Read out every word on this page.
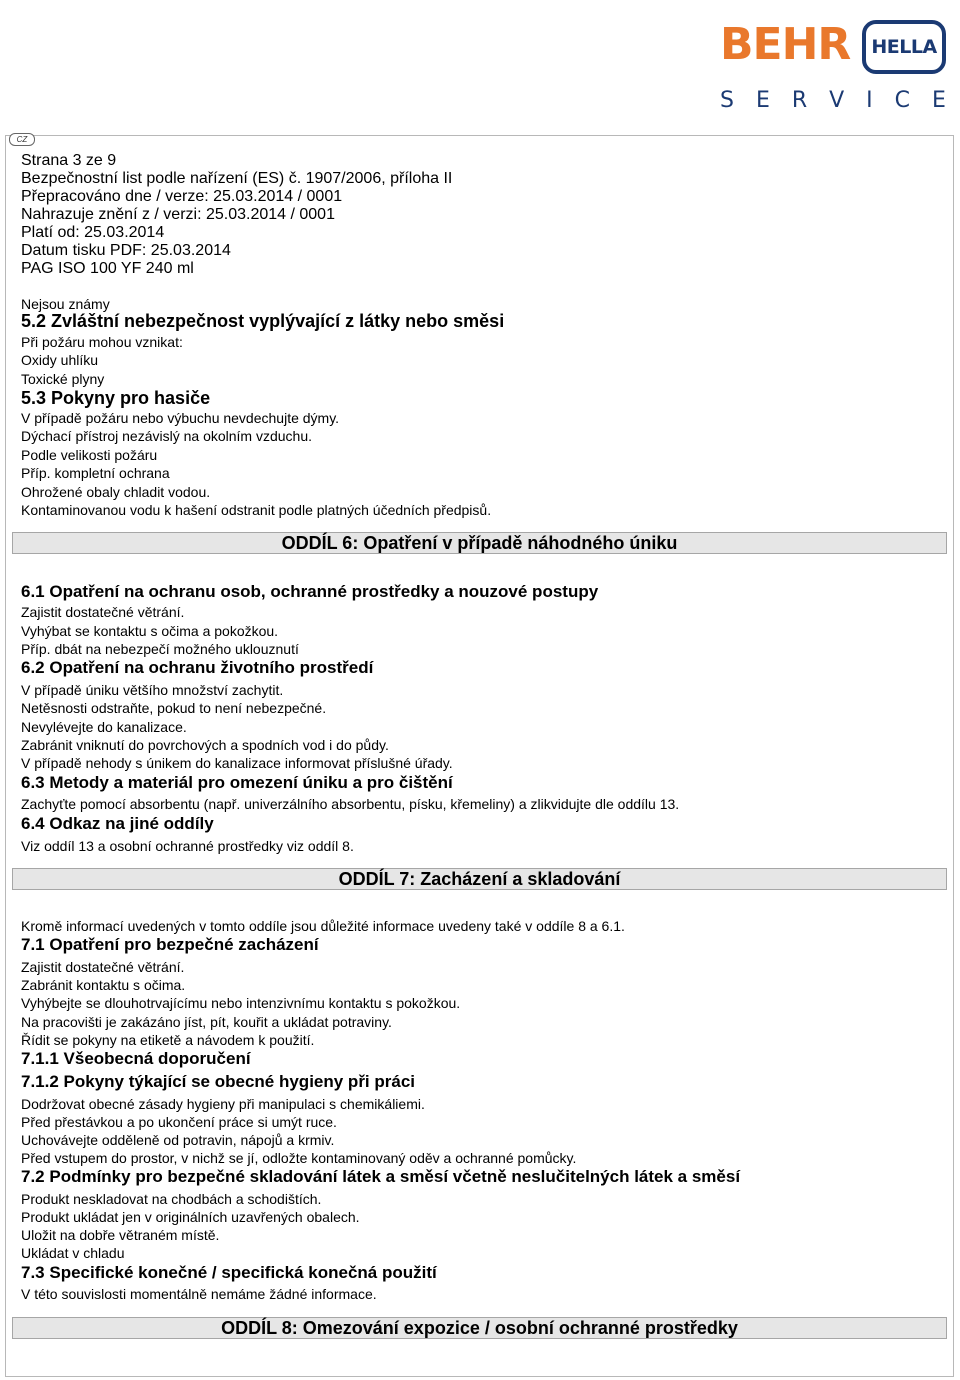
BEHR	HELLA
S E R V I C E
CZ
Strana 3 ze 9
Bezpečnostní list podle nařízení (ES) č. 1907/2006, příloha II
Přepracováno dne / verze: 25.03.2014 / 0001
Nahrazuje znění z / verzi: 25.03.2014 / 0001
Platí od: 25.03.2014
Datum tisku PDF: 25.03.2014
PAG ISO 100 YF 240 ml
Nejsou známy
5.2 Zvláštní nebezpečnost vyplývající z látky nebo směsi
Při požáru mohou vznikat:
Oxidy uhlíku
Toxické plyny
5.3 Pokyny pro hasiče
V případě požáru nebo výbuchu nevdechujte dýmy.
Dýchací přístroj nezávislý na okolním vzduchu.
Podle velikosti požáru
Příp. kompletní ochrana
Ohrožené obaly chladit vodou.
Kontaminovanou vodu k hašení odstranit podle platných účedních předpisů.
ODDÍL 6: Opatření v případě náhodného úniku
6.1 Opatření na ochranu osob, ochranné prostředky a nouzové postupy
Zajistit dostatečné větrání.
Vyhýbat se kontaktu s očima a pokožkou.
Příp. dbát na nebezpečí možného uklouznutí
6.2 Opatření na ochranu životního prostředí
V případě úniku většího množství zachytit.
Netěsnosti odstraňte, pokud to není nebezpečné.
Nevylévejte do kanalizace.
Zabránit vniknutí do povrchových a spodních vod i do půdy.
V případě nehody s únikem do kanalizace informovat příslušné úřady.
6.3 Metody a materiál pro omezení úniku a pro čištění
Zachyťte pomocí absorbentu (např. univerzálního absorbentu, písku, křemeliny) a zlikvidujte dle oddílu 13.
6.4 Odkaz na jiné oddíly
Viz oddíl 13 a osobní ochranné prostředky viz oddíl 8.
ODDÍL 7: Zacházení a skladování
Kromě informací uvedených v tomto oddíle jsou důležité informace uvedeny také v oddíle 8 a 6.1.
7.1 Opatření pro bezpečné zacházení
Zajistit dostatečné větrání.
Zabránit kontaktu s očima.
Vyhýbejte se dlouhotrvajícímu nebo intenzivnímu kontaktu s pokožkou.
Na pracovišti je zakázáno jíst, pít, kouřit a ukládat potraviny.
Řídit se pokyny na etiketě a návodem k použití.
7.1.1 Všeobecná doporučení
7.1.2 Pokyny týkající se obecné hygieny při práci
Dodržovat obecné zásady hygieny při manipulaci s chemikáliemi.
Před přestávkou a po ukončení práce si umýt ruce.
Uchovávejte odděleně od potravin, nápojů a krmiv.
Před vstupem do prostor, v nichž se jí, odložte kontaminovaný oděv a ochranné pomůcky.
7.2 Podmínky pro bezpečné skladování látek a směsí včetně neslučitelných látek a směsí
Produkt neskladovat na chodbách a schodištích.
Produkt ukládat jen v originálních uzavřených obalech.
Uložit na dobře větraném místě.
Ukládat v chladu
7.3 Specifické konečné / specifická konečná použití
V této souvislosti momentálně nemáme žádné informace.
ODDÍL 8: Omezování expozice / osobní ochranné prostředky
